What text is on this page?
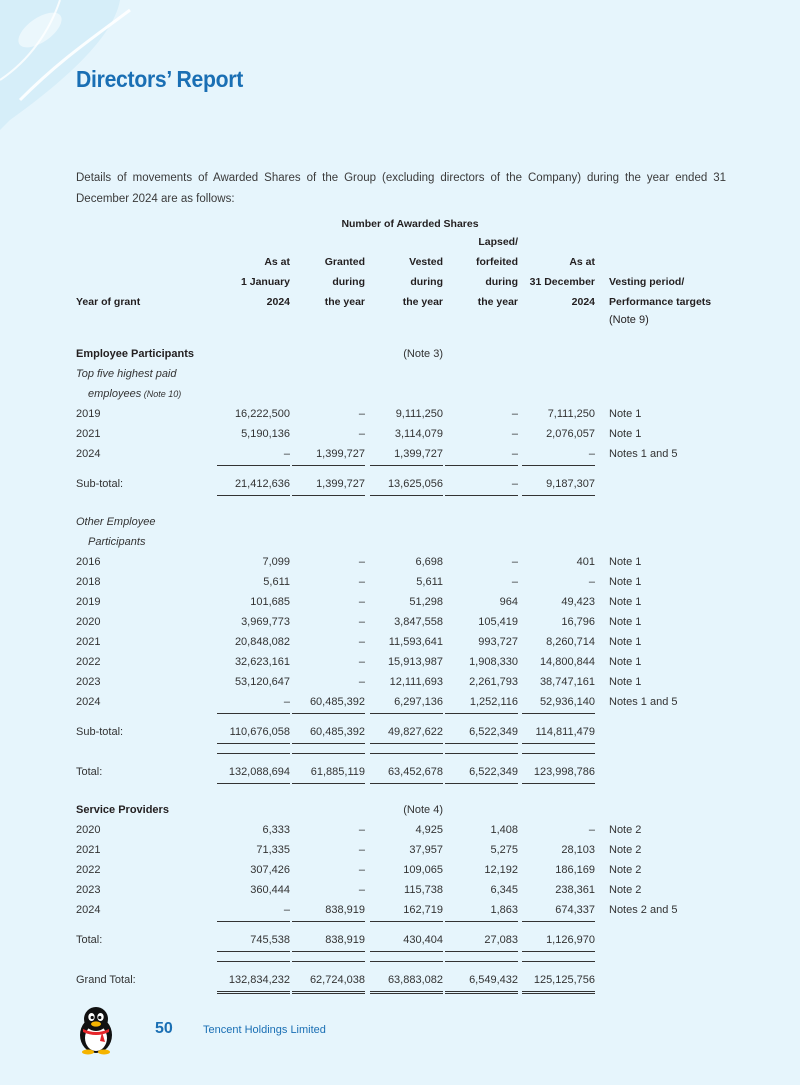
Directors’ Report
Details of movements of Awarded Shares of the Group (excluding directors of the Company) during the year ended 31 December 2024 are as follows:
Number of Awarded Shares
Year of grant
As at
1 January
2024
Granted
during
the year
Vested
during
the year
Lapsed/
forfeited
during
the year
As at
31 December
2024
Vesting period/
Performance targets
(Note 9)
Employee Participants	(Note 3)
Top five highest paid
employees (Note 10)
2019	16,222,500	–	9,111,250	–	7,111,250 Note 1
2021	5,190,136	–	3,114,079	–	2,076,057 Note 1
2024	– 1,399,727	1,399,727	–	– Notes 1 and 5
Sub-total:	21,412,636 1,399,727 13,625,056	–	9,187,307
Other Employee
Participants
2016	7,099	–	6,698	–	401 Note 1
2018	5,611	–	5,611	–	– Note 1
2019	101,685	–	51,298	964	49,423 Note 1
2020	3,969,773	–	3,847,558	105,419	16,796 Note 1
2021	20,848,082	– 11,593,641	993,727	8,260,714 Note 1
2022	32,623,161	– 15,913,987 1,908,330 14,800,844 Note 1
2023	53,120,647	– 12,111,693 2,261,793 38,747,161 Note 1
2024	– 60,485,392	6,297,136 1,252,116 52,936,140 Notes 1 and 5
Sub-total:	110,676,058 60,485,392 49,827,622 6,522,349 114,811,479
Total:	132,088,694 61,885,119 63,452,678 6,522,349 123,998,786
Service Providers	(Note 4)
2020	6,333	–	4,925	1,408	– Note 2
2021	71,335	–	37,957	5,275	28,103 Note 2
2022	307,426	–	109,065	12,192	186,169 Note 2
2023	360,444	–	115,738	6,345	238,361 Note 2
2024	–	838,919	162,719	1,863	674,337 Notes 2 and 5
Total:	745,538	838,919	430,404	27,083	1,126,970
Grand Total:	132,834,232 62,724,038 63,883,082 6,549,432 125,125,756
50	Tencent Holdings Limited
